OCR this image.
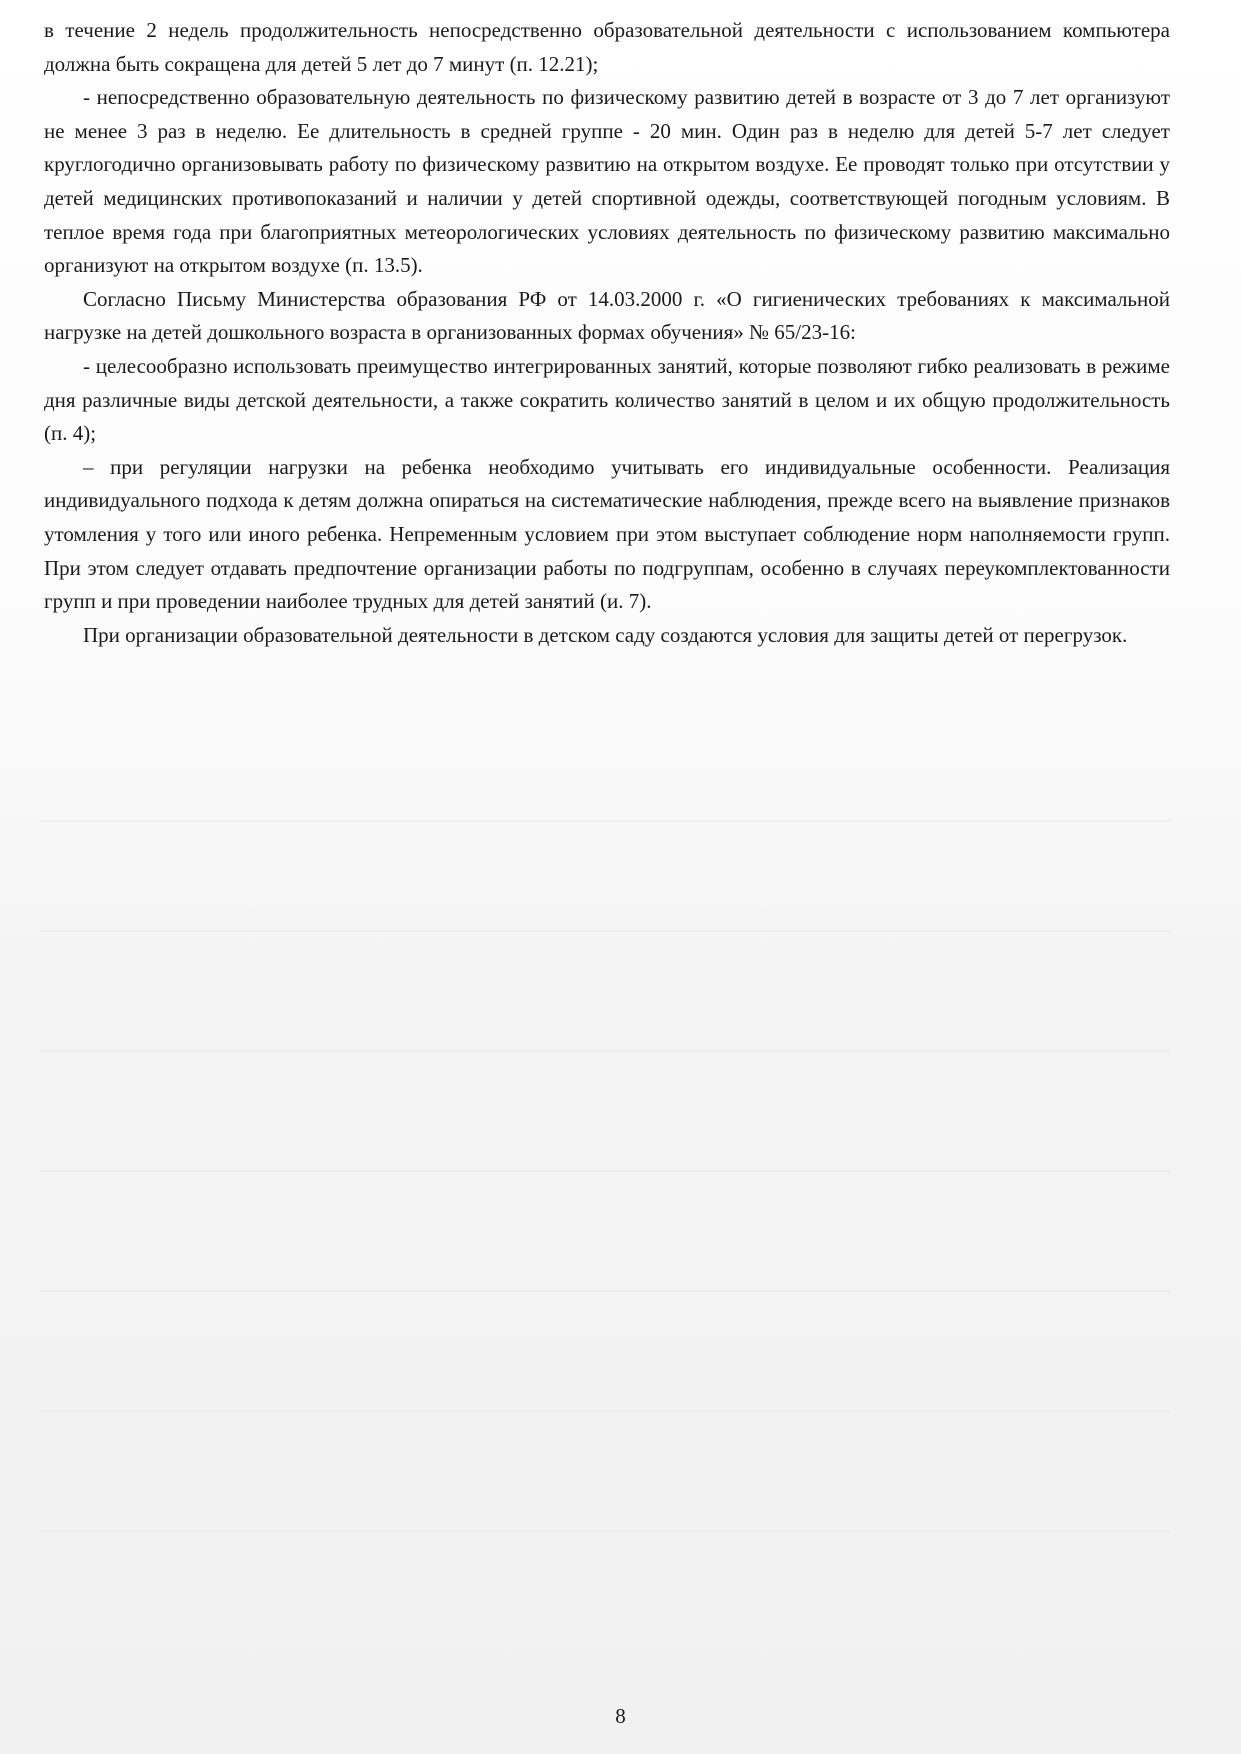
в течение 2 недель продолжительность непосредственно образовательной деятельности с использованием компьютера должна быть сокращена для детей 5 лет до 7 минут (п. 12.21);

- непосредственно образовательную деятельность по физическому развитию детей в возрасте от 3 до 7 лет организуют не менее 3 раз в неделю. Ее длительность в средней группе - 20 мин. Один раз в неделю для детей 5-7 лет следует круглогодично организовывать работу по физическому развитию на открытом воздухе. Ее проводят только при отсутствии у детей медицинских противопоказаний и наличии у детей спортивной одежды, соответствующей погодным условиям. В теплое время года при благоприятных метеорологических условиях деятельность по физическому развитию максимально организуют на открытом воздухе (п. 13.5).

Согласно Письму Министерства образования РФ от 14.03.2000 г. «О гигиенических требованиях к максимальной нагрузке на детей дошкольного возраста в организованных формах обучения» № 65/23-16:

- целесообразно использовать преимущество интегрированных занятий, которые позволяют гибко реализовать в режиме дня различные виды детской деятельности, а также сократить количество занятий в целом и их общую продолжительность (п. 4);

– при регуляции нагрузки на ребенка необходимо учитывать его индивидуальные особенности. Реализация индивидуального подхода к детям должна опираться на систематические наблюдения, прежде всего на выявление признаков утомления у того или иного ребенка. Непременным условием при этом выступает соблюдение норм наполняемости групп. При этом следует отдавать предпочтение организации работы по подгруппам, особенно в случаях переукомплектованности групп и при проведении наиболее трудных для детей занятий (и. 7).

При организации образовательной деятельности в детском саду создаются условия для защиты детей от перегрузок.

8
